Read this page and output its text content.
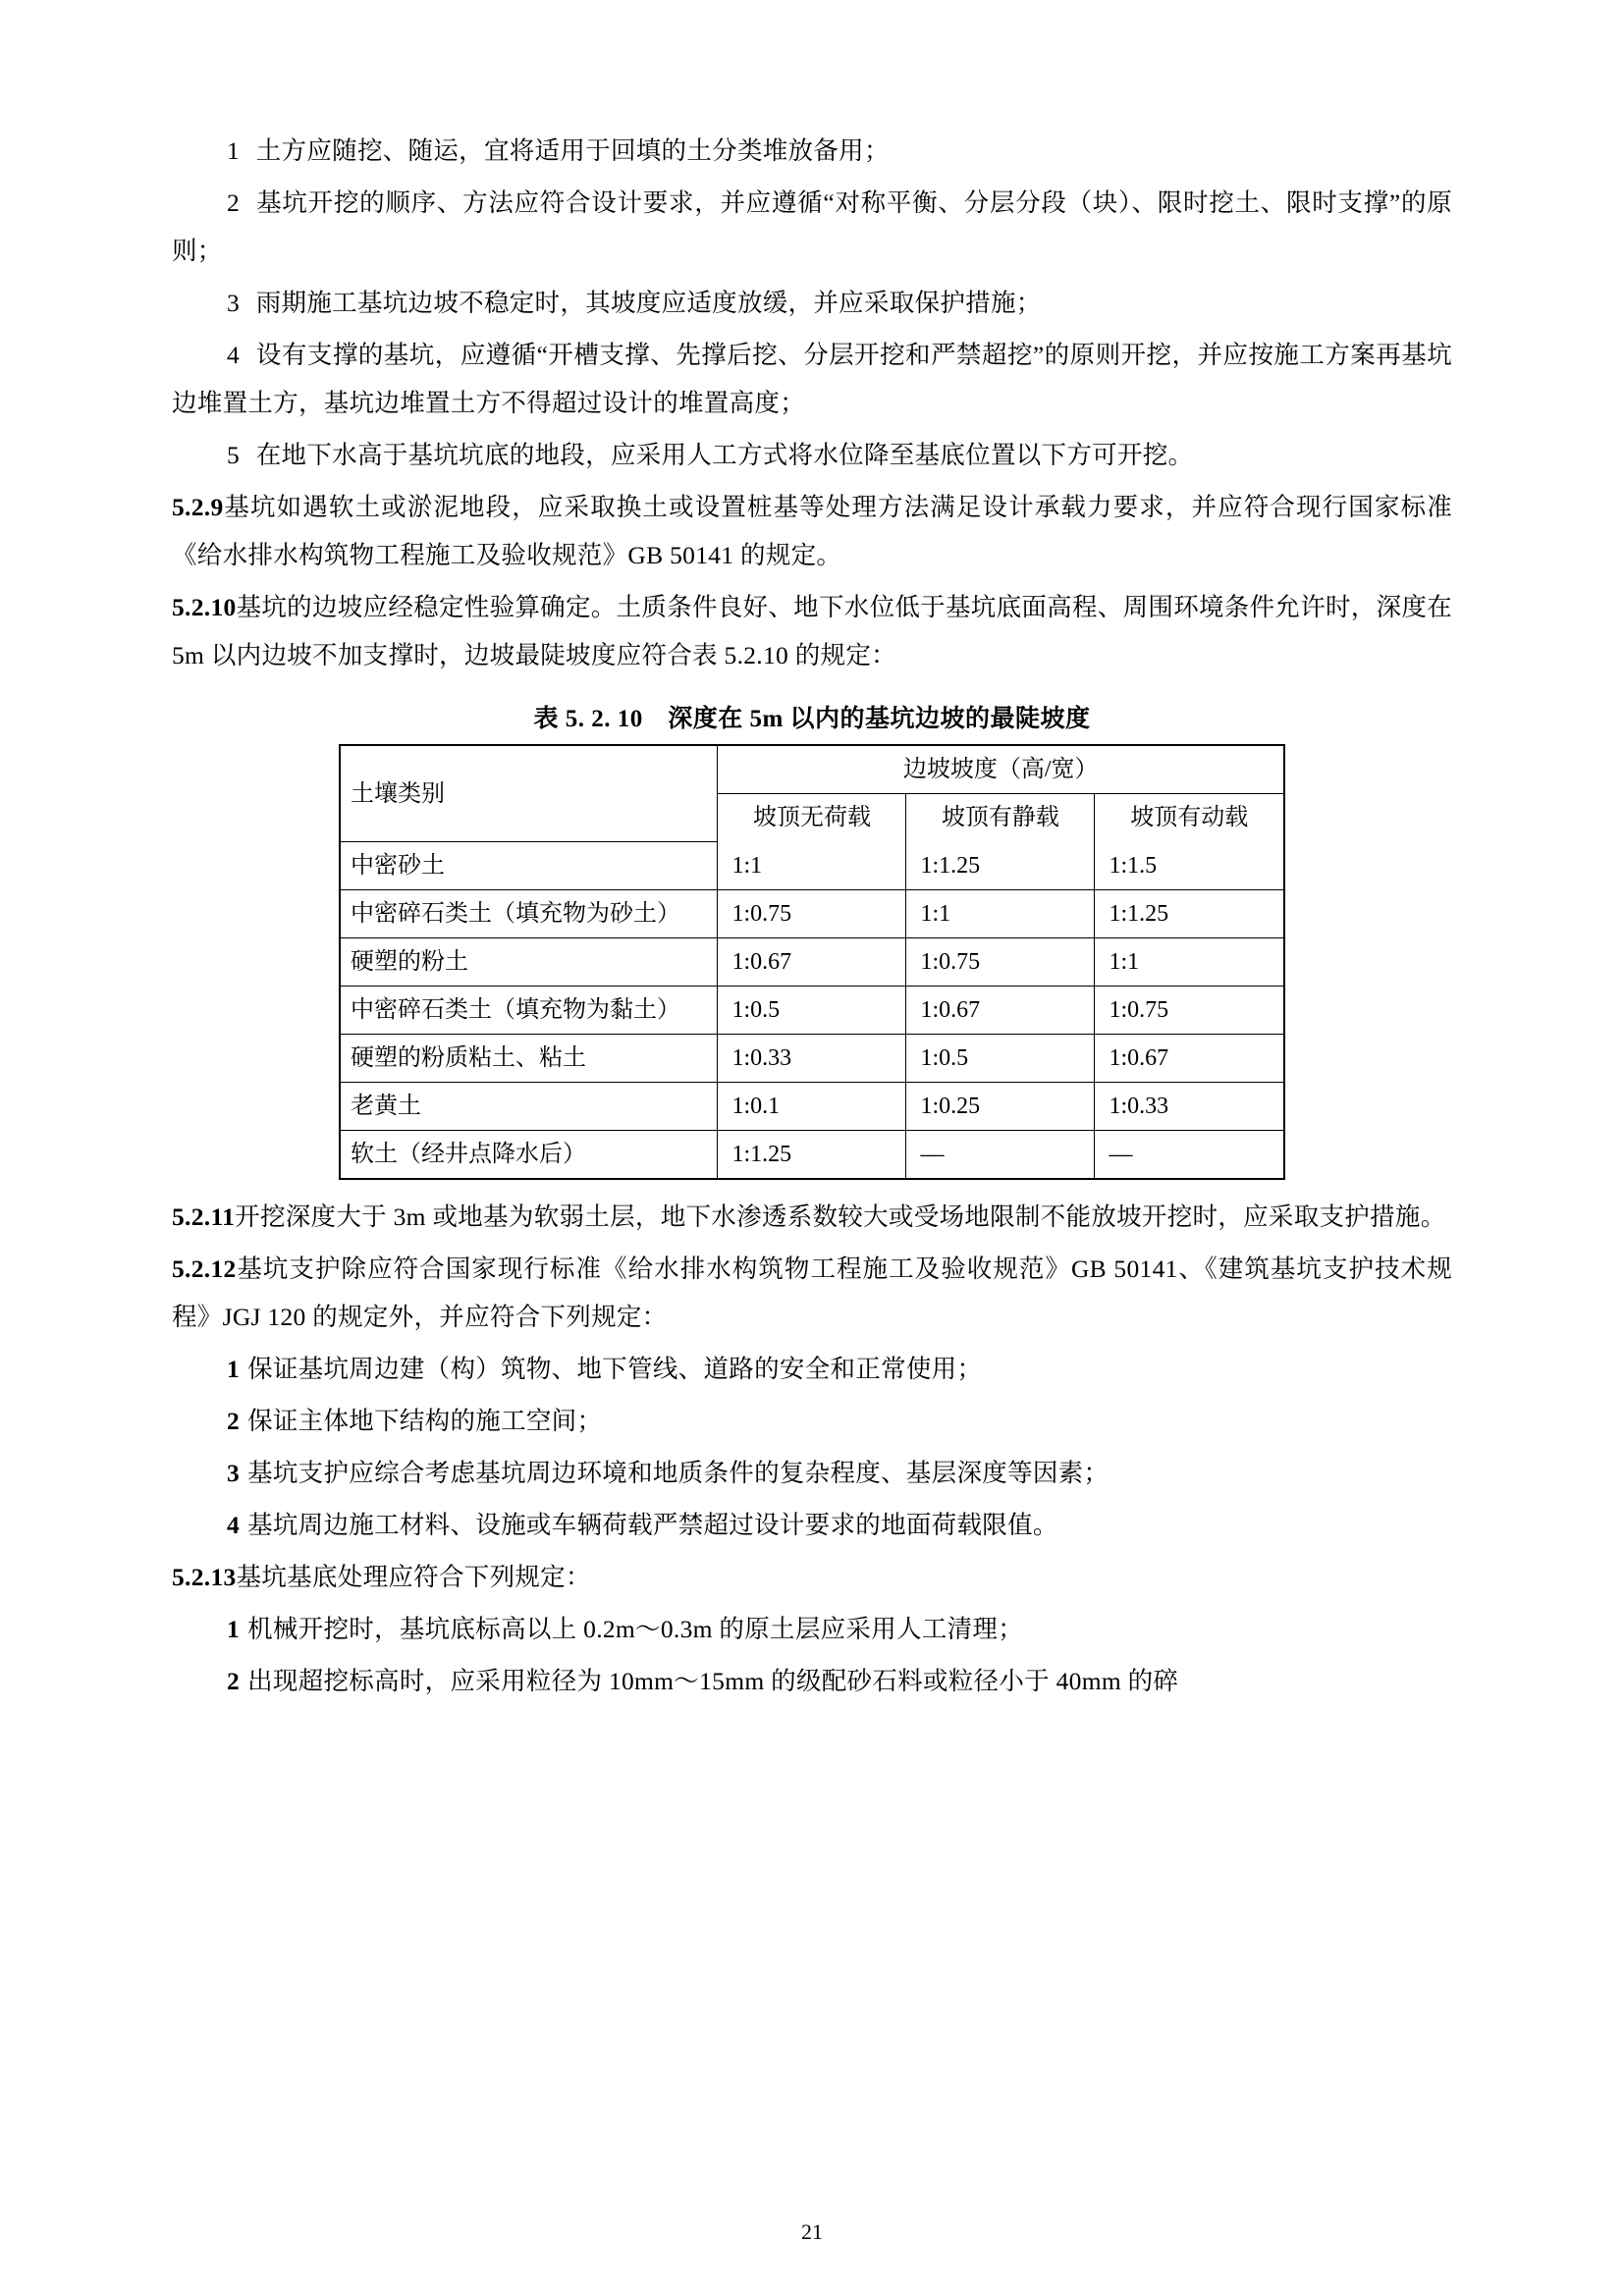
1 土方应随挖、随运，宜将适用于回填的土分类堆放备用；

2 基坑开挖的顺序、方法应符合设计要求，并应遵循“对称平衡、分层分段（块）、限时挖土、限时支撑”的原则；

3 雨期施工基坑边坡不稳定时，其坡度应适度放缓，并应采取保护措施；

4 设有支撑的基坑，应遵循“开槽支撑、先撑后挖、分层开挖和严禁超挖”的原则开挖，并应按施工方案再基坑边堆置土方，基坑边堆置土方不得超过设计的堆置高度；

5 在地下水高于基坑坑底的地段，应采用人工方式将水位降至基底位置以下方可开挖。

5.2.9基坑如遇软土或淤泥地段，应采取换土或设置桩基等处理方法满足设计承载力要求，并应符合现行国家标准《给水排水构筑物工程施工及验收规范》GB 50141 的规定。

5.2.10基坑的边坡应经稳定性验算确定。土质条件良好、地下水位低于基坑底面高程、周围环境条件允许时，深度在 5m 以内边坡不加支撑时，边坡最陡坡度应符合表 5.2.10 的规定：

表 5. 2. 10　深度在 5m 以内的基坑边坡的最陡坡度
土壤类别	边坡坡度（高/宽）		
	坡顶无荷载	坡顶有静载	坡顶有动载
中密砂土	1:1	1:1.25	1:1.5
中密碎石类土（填充物为砂土）	1:0.75	1:1	1:1.25
硬塑的粉土	1:0.67	1:0.75	1:1
中密碎石类土（填充物为黏土）	1:0.5	1:0.67	1:0.75
硬塑的粉质粘土、粘土	1:0.33	1:0.5	1:0.67
老黄土	1:0.1	1:0.25	1:0.33
软土（经井点降水后）	1:1.25	—	—

5.2.11开挖深度大于 3m 或地基为软弱土层，地下水渗透系数较大或受场地限制不能放坡开挖时，应采取支护措施。

5.2.12基坑支护除应符合国家现行标准《给水排水构筑物工程施工及验收规范》GB 50141、《建筑基坑支护技术规程》JGJ 120 的规定外，并应符合下列规定：

1 保证基坑周边建（构）筑物、地下管线、道路的安全和正常使用；

2 保证主体地下结构的施工空间；

3 基坑支护应综合考虑基坑周边环境和地质条件的复杂程度、基层深度等因素；

4 基坑周边施工材料、设施或车辆荷载严禁超过设计要求的地面荷载限值。

5.2.13基坑基底处理应符合下列规定：

1 机械开挖时，基坑底标高以上 0.2m～0.3m 的原土层应采用人工清理；

2 出现超挖标高时，应采用粒径为 10mm～15mm 的级配砂石料或粒径小于 40mm 的碎

21
